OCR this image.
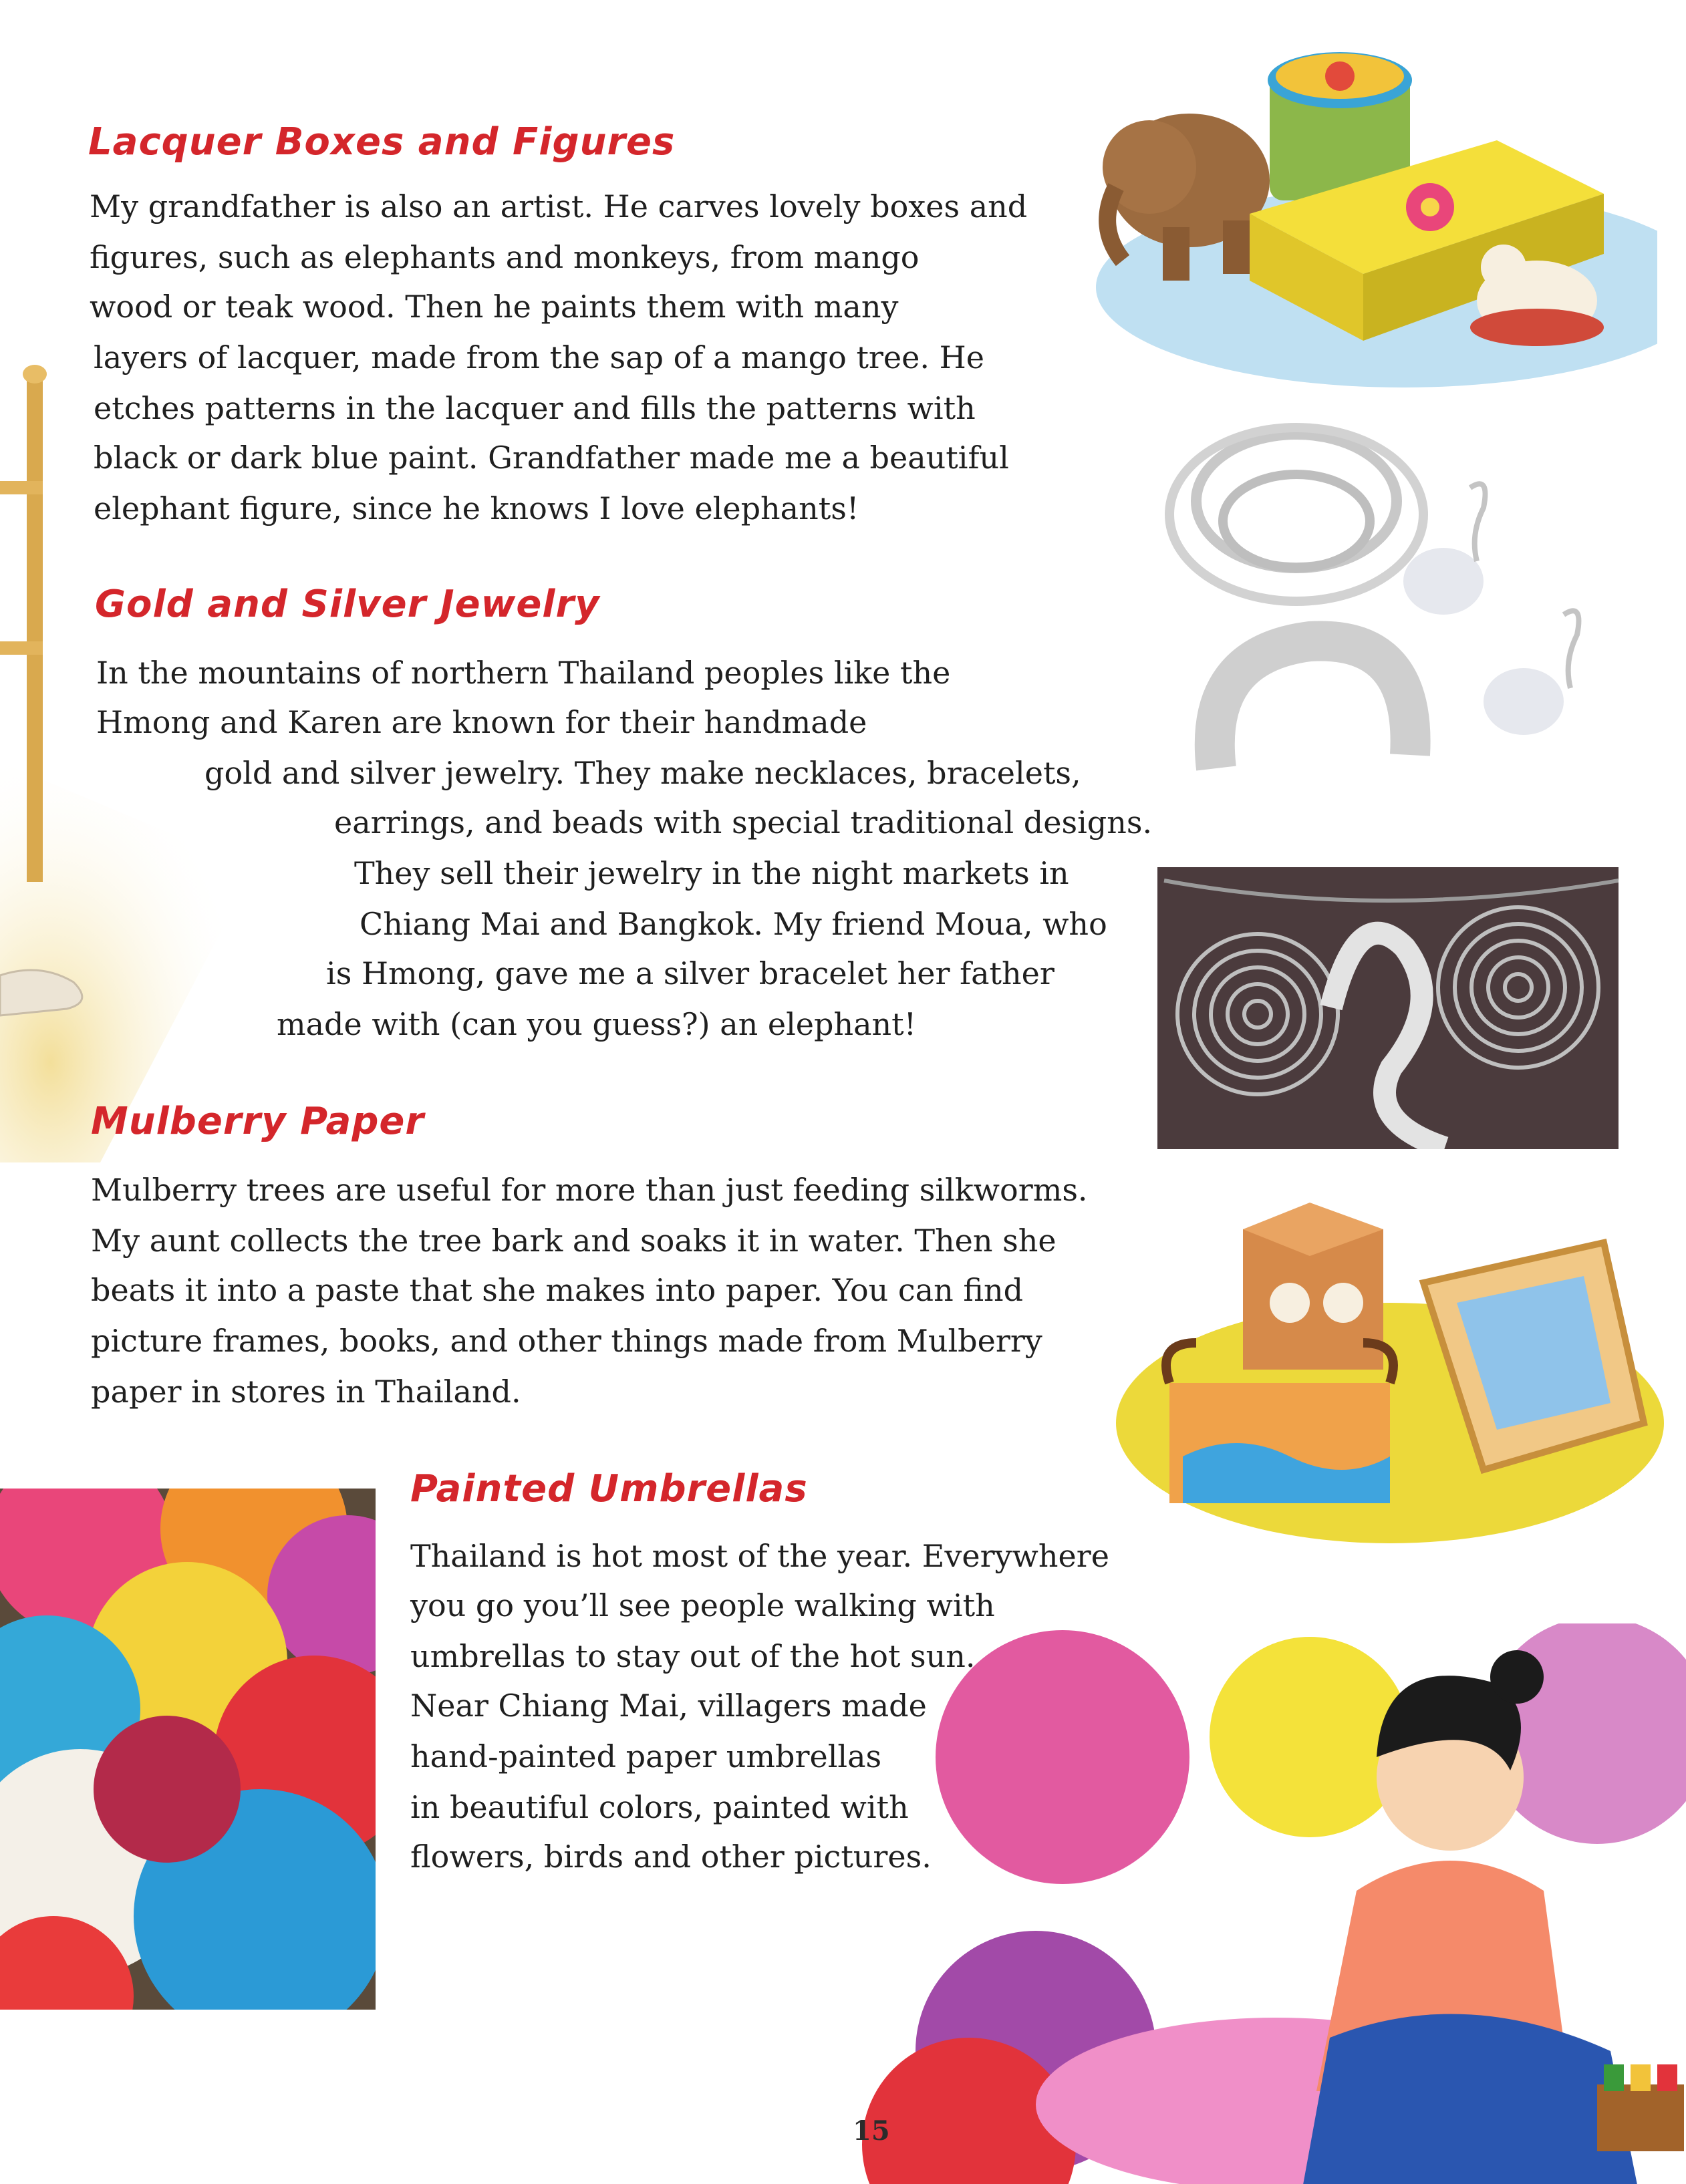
Lacquer Boxes and Figures
My grandfather is also an artist. He carves lovely boxes and
figures, such as elephants and monkeys, from mango
wood or teak wood. Then he paints them with many
layers of lacquer, made from the sap of a mango tree. He
etches patterns in the lacquer and fills the patterns with
black or dark blue paint. Grandfather made me a beautiful
elephant figure, since he knows I love elephants!
Gold and Silver Jewelry
In the mountains of northern Thailand peoples like the
Hmong and Karen are known for their handmade
gold and silver jewelry. They make necklaces, bracelets,
earrings, and beads with special traditional designs.
They sell their jewelry in the night markets in
Chiang Mai and Bangkok. My friend Moua, who
is Hmong, gave me a silver bracelet her father
made with (can you guess?) an elephant!
Mulberry Paper
Mulberry trees are useful for more than just feeding silkworms.
My aunt collects the tree bark and soaks it in water. Then she
beats it into a paste that she makes into paper. You can find
picture frames, books, and other things made from Mulberry
paper in stores in Thailand.
Painted Umbrellas
Thailand is hot most of the year. Everywhere
you go you’ll see people walking with
umbrellas to stay out of the hot sun.
Near Chiang Mai, villagers made
hand-painted paper umbrellas
in beautiful colors, painted with
flowers, birds and other pictures.
15
